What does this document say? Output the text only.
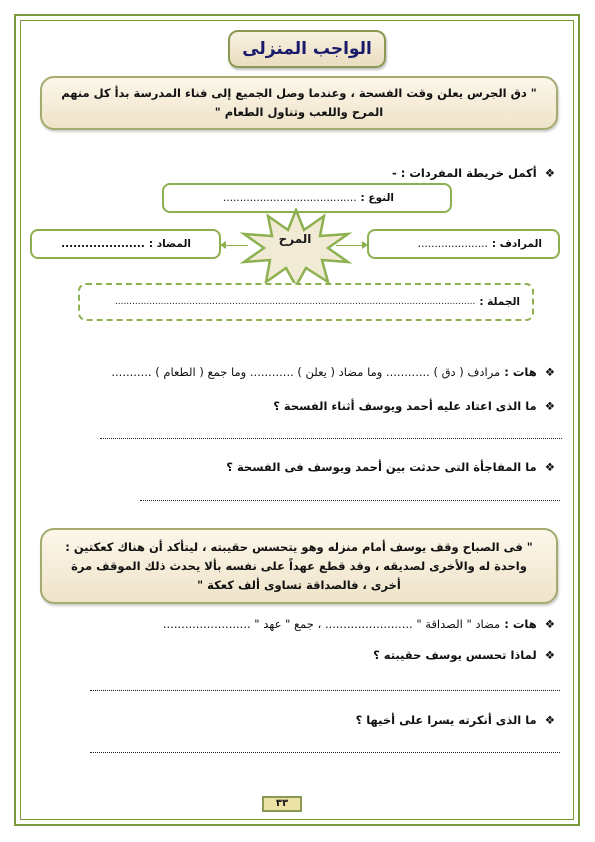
الواجب المنزلى
" دق الجرس يعلن وقت الفسحة ، وعندما وصل الجميع إلى فناء المدرسة بدأ كل منهم المرح واللعب وتناول الطعام "
❖ أكمل خريطة المفردات : -
النوع :
........................................
المرادف :
.....................
المضاد :
.....................	المرح
الجملة :
..............................................................................................................................
❖ هات : مرادف ( دق ) ............ وما مضاد ( يعلن ) ............ وما جمع ( الطعام ) ...........
❖ ما الذى اعتاد عليه أحمد ويوسف أثناء الفسحة ؟
❖ ما المفاجأة التى حدثت بين أحمد ويوسف فى الفسحة ؟
" فى الصباح وقف يوسف أمام منزله وهو يتحسس حقيبته ، ليتأكد أن هناك كعكتين : واحدة له والأخرى لصديقه ، وقد قطع عهداً على نفسه بألا يحدث ذلك الموقف مرة أخرى ، فالصداقة تساوى ألف كعكة "
❖ هات : مضاد " الصداقة " ........................ ، جمع " عهد " ........................
❖ لماذا تحسس يوسف حقيبته ؟
❖ ما الذى أنكرته يسرا على أخيها ؟
٣٣
